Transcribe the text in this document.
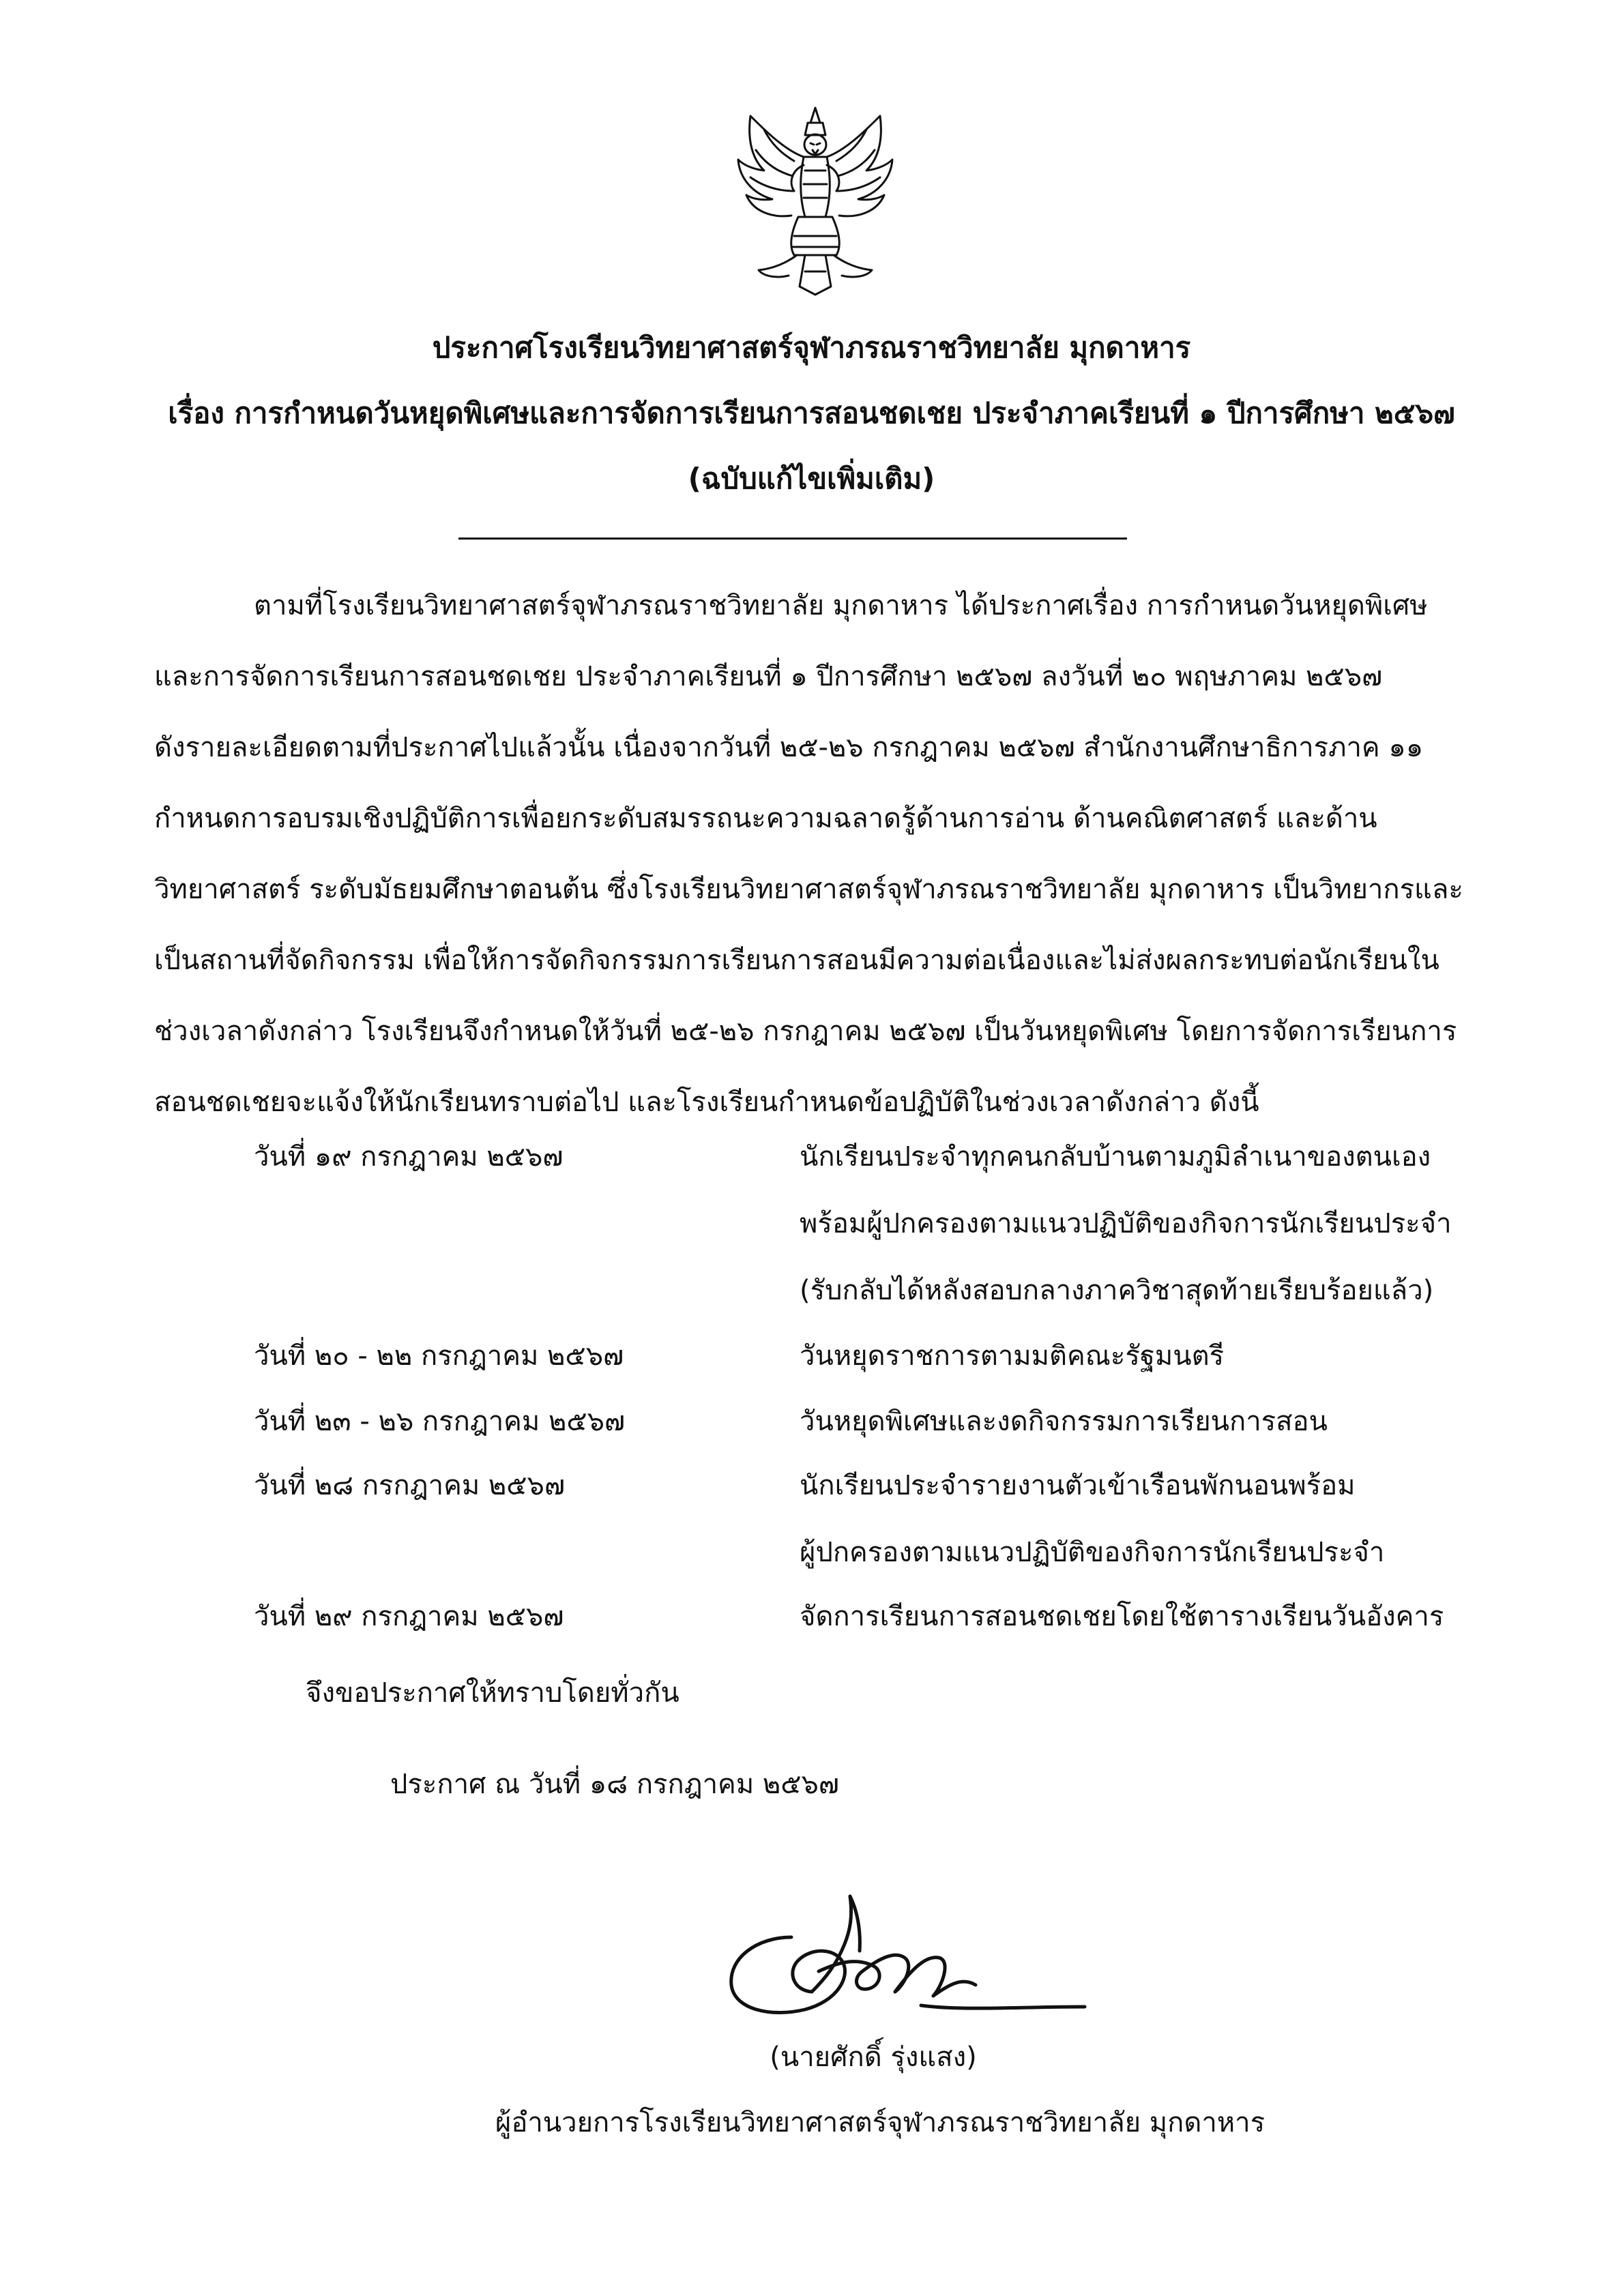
ประกาศโรงเรียนวิทยาศาสตร์จุฬาภรณราชวิทยาลัย มุกดาหาร
เรื่อง การกำหนดวันหยุดพิเศษและการจัดการเรียนการสอนชดเชย ประจำภาคเรียนที่ ๑ ปีการศึกษา ๒๕๖๗
(ฉบับแก้ไขเพิ่มเติม)
ตามที่โรงเรียนวิทยาศาสตร์จุฬาภรณราชวิทยาลัย มุกดาหาร ได้ประกาศเรื่อง การกำหนดวันหยุดพิเศษ
และการจัดการเรียนการสอนชดเชย ประจำภาคเรียนที่ ๑ ปีการศึกษา ๒๕๖๗ ลงวันที่ ๒๐ พฤษภาคม ๒๕๖๗
ดังรายละเอียดตามที่ประกาศไปแล้วนั้น เนื่องจากวันที่ ๒๕-๒๖ กรกฎาคม ๒๕๖๗ สำนักงานศึกษาธิการภาค ๑๑
กำหนดการอบรมเชิงปฏิบัติการเพื่อยกระดับสมรรถนะความฉลาดรู้ด้านการอ่าน ด้านคณิตศาสตร์ และด้าน
วิทยาศาสตร์ ระดับมัธยมศึกษาตอนต้น ซึ่งโรงเรียนวิทยาศาสตร์จุฬาภรณราชวิทยาลัย มุกดาหาร เป็นวิทยากรและ
เป็นสถานที่จัดกิจกรรม เพื่อให้การจัดกิจกรรมการเรียนการสอนมีความต่อเนื่องและไม่ส่งผลกระทบต่อนักเรียนใน
ช่วงเวลาดังกล่าว โรงเรียนจึงกำหนดให้วันที่ ๒๕-๒๖ กรกฎาคม ๒๕๖๗ เป็นวันหยุดพิเศษ โดยการจัดการเรียนการ
สอนชดเชยจะแจ้งให้นักเรียนทราบต่อไป และโรงเรียนกำหนดข้อปฏิบัติในช่วงเวลาดังกล่าว ดังนี้
วันที่ ๑๙ กรกฎาคม ๒๕๖๗	นักเรียนประจำทุกคนกลับบ้านตามภูมิลำเนาของตนเอง
พร้อมผู้ปกครองตามแนวปฏิบัติของกิจการนักเรียนประจำ
(รับกลับได้หลังสอบกลางภาควิชาสุดท้ายเรียบร้อยแล้ว)
วันที่ ๒๐ - ๒๒ กรกฎาคม ๒๕๖๗	วันหยุดราชการตามมติคณะรัฐมนตรี
วันที่ ๒๓ - ๒๖ กรกฎาคม ๒๕๖๗	วันหยุดพิเศษและงดกิจกรรมการเรียนการสอน
วันที่ ๒๘ กรกฎาคม ๒๕๖๗	นักเรียนประจำรายงานตัวเข้าเรือนพักนอนพร้อม
ผู้ปกครองตามแนวปฏิบัติของกิจการนักเรียนประจำ
วันที่ ๒๙ กรกฎาคม ๒๕๖๗	จัดการเรียนการสอนชดเชยโดยใช้ตารางเรียนวันอังคาร
จึงขอประกาศให้ทราบโดยทั่วกัน
ประกาศ ณ วันที่ ๑๘ กรกฎาคม ๒๕๖๗
(นายศักดิ์ รุ่งแสง)
ผู้อำนวยการโรงเรียนวิทยาศาสตร์จุฬาภรณราชวิทยาลัย มุกดาหาร
